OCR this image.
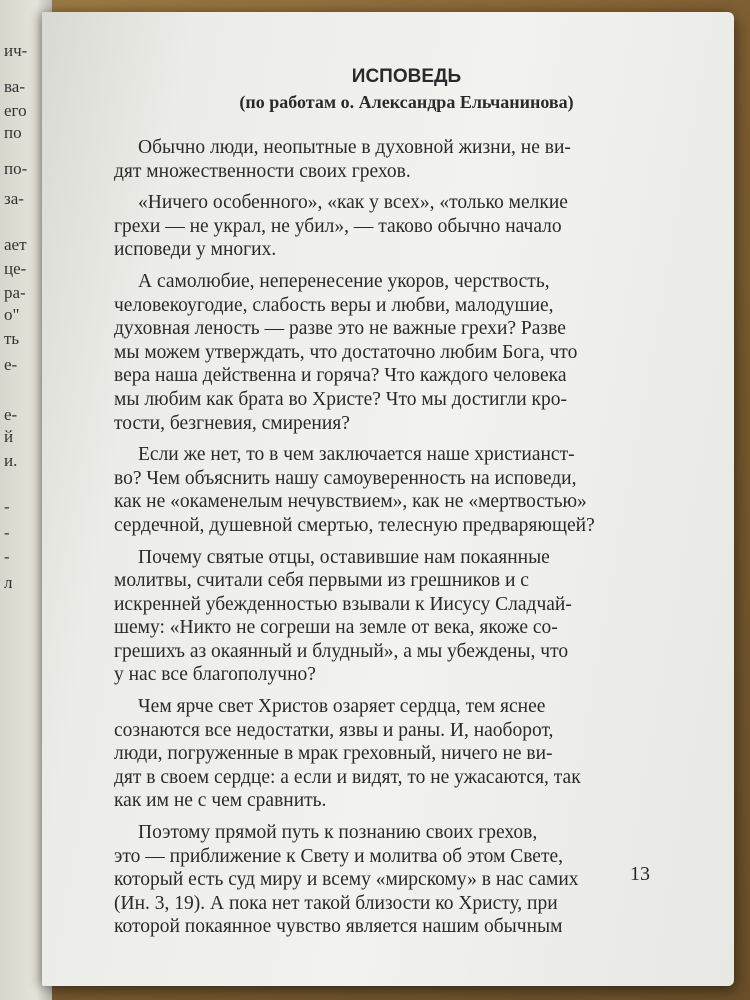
ич-
ва-
его
по
по-
за-
ает
це-
ра-
о"
ть
е-
е-
й
и.
-
-
-
л
ИСПОВЕДЬ

(по работам о. Александра Ельчанинова)

Обычно люди, неопытные в духовной жизни, не ви-
дят множественности своих грехов.

«Ничего особенного», «как у всех», «только мелкие
грехи — не украл, не убил», — таково обычно начало
исповеди у многих.

А самолюбие, неперенесение укоров, черствость,
человекоугодие, слабость веры и любви, малодушие,
духовная леность — разве это не важные грехи? Разве
мы можем утверждать, что достаточно любим Бога, что
вера наша действенна и горяча? Что каждого человека
мы любим как брата во Христе? Что мы достигли кро-
тости, безгневия, смирения?

Если же нет, то в чем заключается наше христианст-
во? Чем объяснить нашу самоуверенность на исповеди,
как не «окаменелым нечувствием», как не «мертвостью»
сердечной, душевной смертью, телесную предваряющей?

Почему святые отцы, оставившие нам покаянные
молитвы, считали себя первыми из грешников и с
искренней убежденностью взывали к Иисусу Сладчай-
шему: «Никто не согреши на земле от века, якоже со-
грешихъ аз окаянный и блудный», а мы убеждены, что
у нас все благополучно?

Чем ярче свет Христов озаряет сердца, тем яснее
сознаются все недостатки, язвы и раны. И, наоборот,
люди, погруженные в мрак греховный, ничего не ви-
дят в своем сердце: а если и видят, то не ужасаются, так
как им не с чем сравнить.

Поэтому прямой путь к познанию своих грехов,
это — приближение к Свету и молитва об этом Свете,
который есть суд миру и всему «мирскому» в нас самих
(Ин. 3, 19). А пока нет такой близости ко Христу, при
которой покаянное чувство является нашим обычным

13
